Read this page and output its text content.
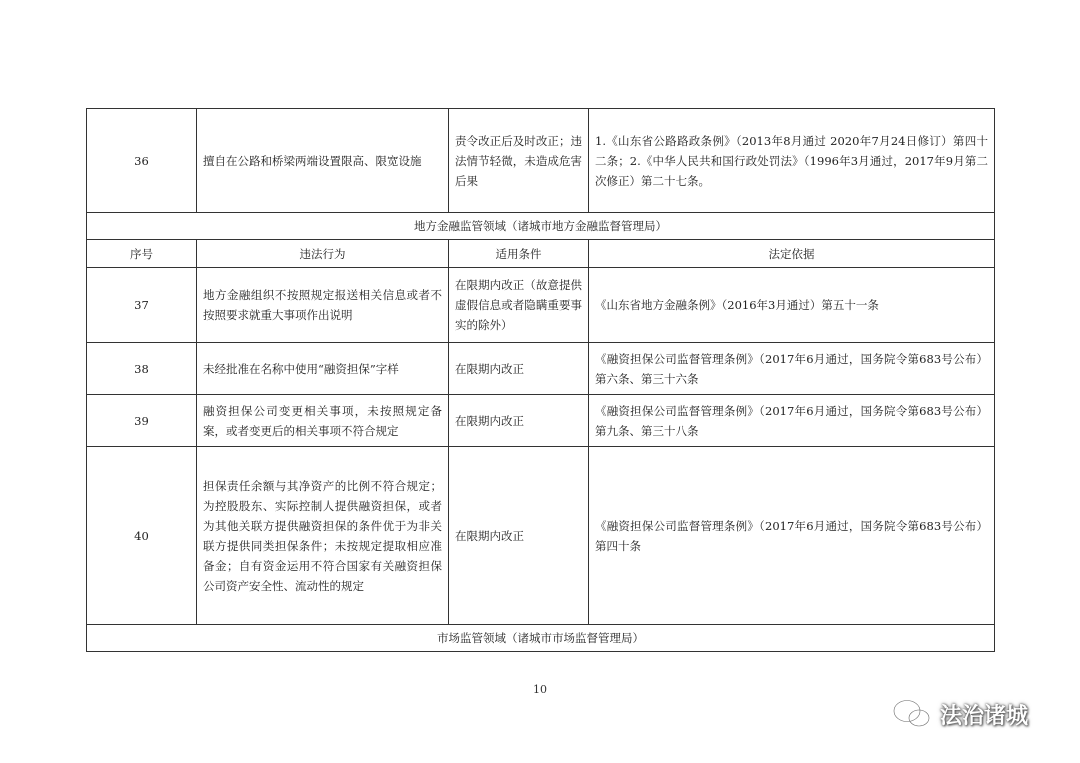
36	擅自在公路和桥梁两端设置限高、限宽设施	责令改正后及时改正；违法情节轻微，未造成危害后果	1.《山东省公路路政条例》（2013年8月通过 2020年7月24日修订）第四十二条；2.《中华人民共和国行政处罚法》（1996年3月通过，2017年9月第二次修正）第二十七条。
地方金融监管领域（诸城市地方金融监督管理局）			
序号	违法行为	适用条件	法定依据
37	地方金融组织不按照规定报送相关信息或者不按照要求就重大事项作出说明	在限期内改正（故意提供虚假信息或者隐瞒重要事实的除外）	《山东省地方金融条例》（2016年3月通过）第五十一条
38	未经批准在名称中使用“融资担保”字样	在限期内改正	《融资担保公司监督管理条例》（2017年6月通过，国务院令第683号公布）第六条、第三十六条
39	融资担保公司变更相关事项，未按照规定备案，或者变更后的相关事项不符合规定	在限期内改正	《融资担保公司监督管理条例》（2017年6月通过，国务院令第683号公布）第九条、第三十八条
40	担保责任余额与其净资产的比例不符合规定；为控股股东、实际控制人提供融资担保，或者为其他关联方提供融资担保的条件优于为非关联方提供同类担保条件；未按规定提取相应准备金；自有资金运用不符合国家有关融资担保公司资产安全性、流动性的规定	在限期内改正	《融资担保公司监督管理条例》（2017年6月通过，国务院令第683号公布）第四十条
市场监管领域（诸城市市场监督管理局）			
10
法治诸城
